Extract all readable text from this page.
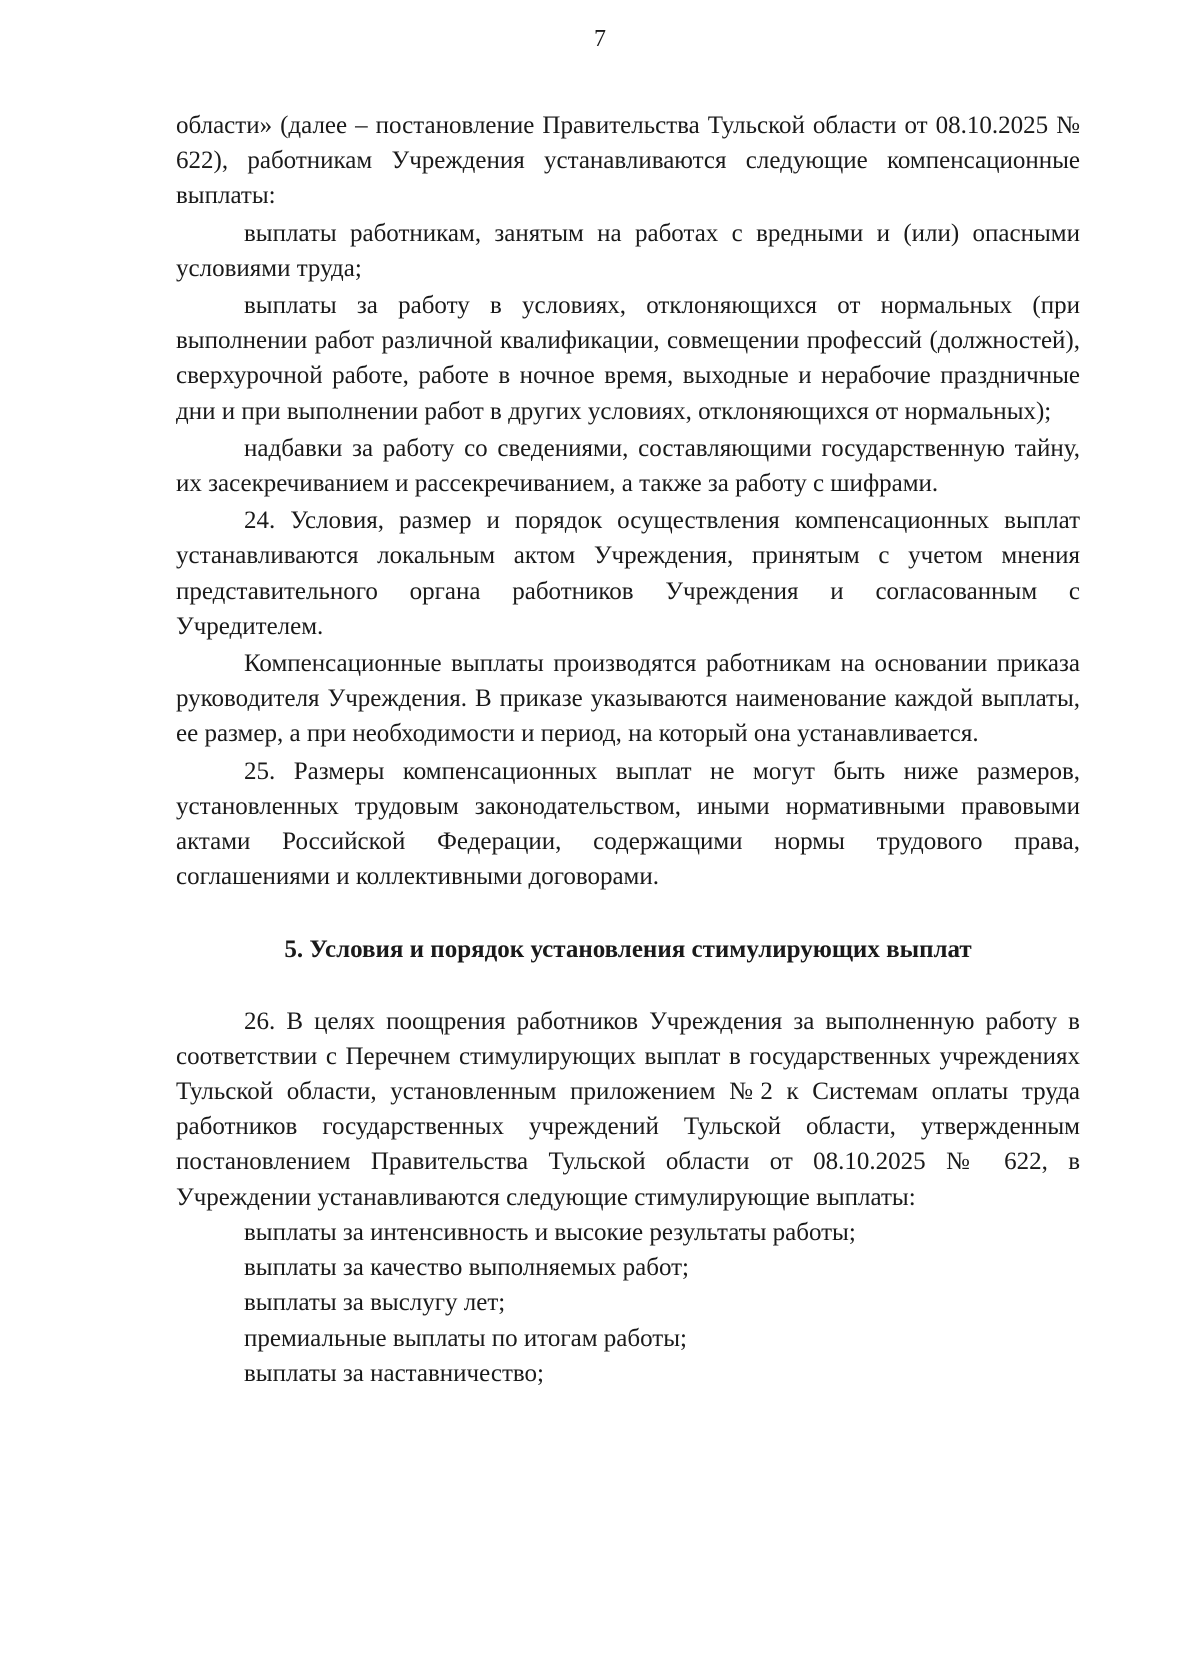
7

области» (далее – постановление Правительства Тульской области от 08.10.2025 № 622), работникам Учреждения устанавливаются следующие компенсационные выплаты:

выплаты работникам, занятым на работах с вредными и (или) опасными условиями труда;

выплаты за работу в условиях, отклоняющихся от нормальных (при выполнении работ различной квалификации, совмещении профессий (должностей), сверхурочной работе, работе в ночное время, выходные и нерабочие праздничные дни и при выполнении работ в других условиях, отклоняющихся от нормальных);

надбавки за работу со сведениями, составляющими государственную тайну, их засекречиванием и рассекречиванием, а также за работу с шифрами.

24. Условия, размер и порядок осуществления компенсационных выплат устанавливаются локальным актом Учреждения, принятым с учетом мнения представительного органа работников Учреждения и согласованным с Учредителем.

Компенсационные выплаты производятся работникам на основании приказа руководителя Учреждения. В приказе указываются наименование каждой выплаты, ее размер, а при необходимости и период, на который она устанавливается.

25. Размеры компенсационных выплат не могут быть ниже размеров, установленных трудовым законодательством, иными нормативными правовыми актами Российской Федерации, содержащими нормы трудового права, соглашениями и коллективными договорами.

5. Условия и порядок установления стимулирующих выплат

26. В целях поощрения работников Учреждения за выполненную работу в соответствии с Перечнем стимулирующих выплат в государственных учреждениях Тульской области, установленным приложением №2 к Системам оплаты труда работников государственных учреждений Тульской области, утвержденным постановлением Правительства Тульской области от 08.10.2025 № 622, в Учреждении устанавливаются следующие стимулирующие выплаты:

выплаты за интенсивность и высокие результаты работы;

выплаты за качество выполняемых работ;

выплаты за выслугу лет;

премиальные выплаты по итогам работы;

выплаты за наставничество;
